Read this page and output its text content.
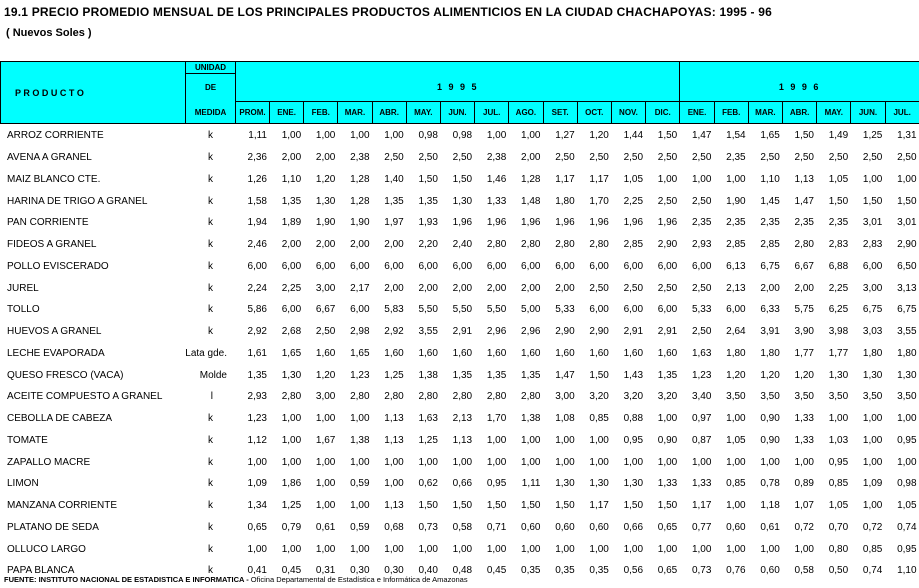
19.1 PRECIO PROMEDIO MENSUAL DE LOS PRINCIPALES PRODUCTOS ALIMENTICIOS EN LA CIUDAD CHACHAPOYAS: 1995 - 96
( Nuevos Soles )
P R O D U C T O	UNIDAD																				
	DE	1 9 9 5													1 9 9 6						
	MEDIDA	PROM.	ENE.	FEB.	MAR.	ABR.	MAY.	JUN.	JUL.	AGO.	SET.	OCT.	NOV.	DIC.	ENE.	FEB.	MAR.	ABR.	MAY.	JUN.	JUL.
ARROZ CORRIENTE	k	1,11	1,00	1,00	1,00	1,00	0,98	0,98	1,00	1,00	1,27	1,20	1,44	1,50	1,47	1,54	1,65	1,50	1,49	1,25	1,31
AVENA A GRANEL	k	2,36	2,00	2,00	2,38	2,50	2,50	2,50	2,38	2,00	2,50	2,50	2,50	2,50	2,50	2,35	2,50	2,50	2,50	2,50	2,50
MAIZ BLANCO CTE.	k	1,26	1,10	1,20	1,28	1,40	1,50	1,50	1,46	1,28	1,17	1,17	1,05	1,00	1,00	1,00	1,10	1,13	1,05	1,00	1,00
HARINA DE TRIGO A GRANEL	k	1,58	1,35	1,30	1,28	1,35	1,35	1,30	1,33	1,48	1,80	1,70	2,25	2,50	2,50	1,90	1,45	1,47	1,50	1,50	1,50
PAN CORRIENTE	k	1,94	1,89	1,90	1,90	1,97	1,93	1,96	1,96	1,96	1,96	1,96	1,96	1,96	2,35	2,35	2,35	2,35	2,35	3,01	3,01
FIDEOS A GRANEL	k	2,46	2,00	2,00	2,00	2,00	2,20	2,40	2,80	2,80	2,80	2,80	2,85	2,90	2,93	2,85	2,85	2,80	2,83	2,83	2,90
POLLO EVISCERADO	k	6,00	6,00	6,00	6,00	6,00	6,00	6,00	6,00	6,00	6,00	6,00	6,00	6,00	6,00	6,13	6,75	6,67	6,88	6,00	6,50
JUREL	k	2,24	2,25	3,00	2,17	2,00	2,00	2,00	2,00	2,00	2,00	2,50	2,50	2,50	2,50	2,13	2,00	2,00	2,25	3,00	3,13
TOLLO	k	5,86	6,00	6,67	6,00	5,83	5,50	5,50	5,50	5,00	5,33	6,00	6,00	6,00	5,33	6,00	6,33	5,75	6,25	6,75	6,75
HUEVOS A GRANEL	k	2,92	2,68	2,50	2,98	2,92	3,55	2,91	2,96	2,96	2,90	2,90	2,91	2,91	2,50	2,64	3,91	3,90	3,98	3,03	3,55
LECHE EVAPORADA	Lata gde.	1,61	1,65	1,60	1,65	1,60	1,60	1,60	1,60	1,60	1,60	1,60	1,60	1,60	1,63	1,80	1,80	1,77	1,77	1,80	1,80
QUESO FRESCO (VACA)	Molde	1,35	1,30	1,20	1,23	1,25	1,38	1,35	1,35	1,35	1,47	1,50	1,43	1,35	1,23	1,20	1,20	1,20	1,30	1,30	1,30
ACEITE COMPUESTO A GRANEL	l	2,93	2,80	3,00	2,80	2,80	2,80	2,80	2,80	2,80	3,00	3,20	3,20	3,20	3,40	3,50	3,50	3,50	3,50	3,50	3,50
CEBOLLA DE CABEZA	k	1,23	1,00	1,00	1,00	1,13	1,63	2,13	1,70	1,38	1,08	0,85	0,88	1,00	0,97	1,00	0,90	1,33	1,00	1,00	1,00
TOMATE	k	1,12	1,00	1,67	1,38	1,13	1,25	1,13	1,00	1,00	1,00	1,00	0,95	0,90	0,87	1,05	0,90	1,33	1,03	1,00	0,95
ZAPALLO MACRE	k	1,00	1,00	1,00	1,00	1,00	1,00	1,00	1,00	1,00	1,00	1,00	1,00	1,00	1,00	1,00	1,00	1,00	0,95	1,00	1,00
LIMON	k	1,09	1,86	1,00	0,59	1,00	0,62	0,66	0,95	1,11	1,30	1,30	1,30	1,33	1,33	0,85	0,78	0,89	0,85	1,09	0,98
MANZANA CORRIENTE	k	1,34	1,25	1,00	1,00	1,13	1,50	1,50	1,50	1,50	1,50	1,17	1,50	1,50	1,17	1,00	1,18	1,07	1,05	1,00	1,05
PLATANO DE SEDA	k	0,65	0,79	0,61	0,59	0,68	0,73	0,58	0,71	0,60	0,60	0,60	0,66	0,65	0,77	0,60	0,61	0,72	0,70	0,72	0,74
OLLUCO LARGO	k	1,00	1,00	1,00	1,00	1,00	1,00	1,00	1,00	1,00	1,00	1,00	1,00	1,00	1,00	1,00	1,00	1,00	0,80	0,85	0,95
PAPA BLANCA	k	0,41	0,45	0,31	0,30	0,30	0,40	0,48	0,45	0,35	0,35	0,35	0,56	0,65	0,73	0,76	0,60	0,58	0,50	0,74	1,10
FUENTE: INSTITUTO NACIONAL DE ESTADISTICA E INFORMATICA - Oficina Departamental de Estadística e Informática de Amazonas
